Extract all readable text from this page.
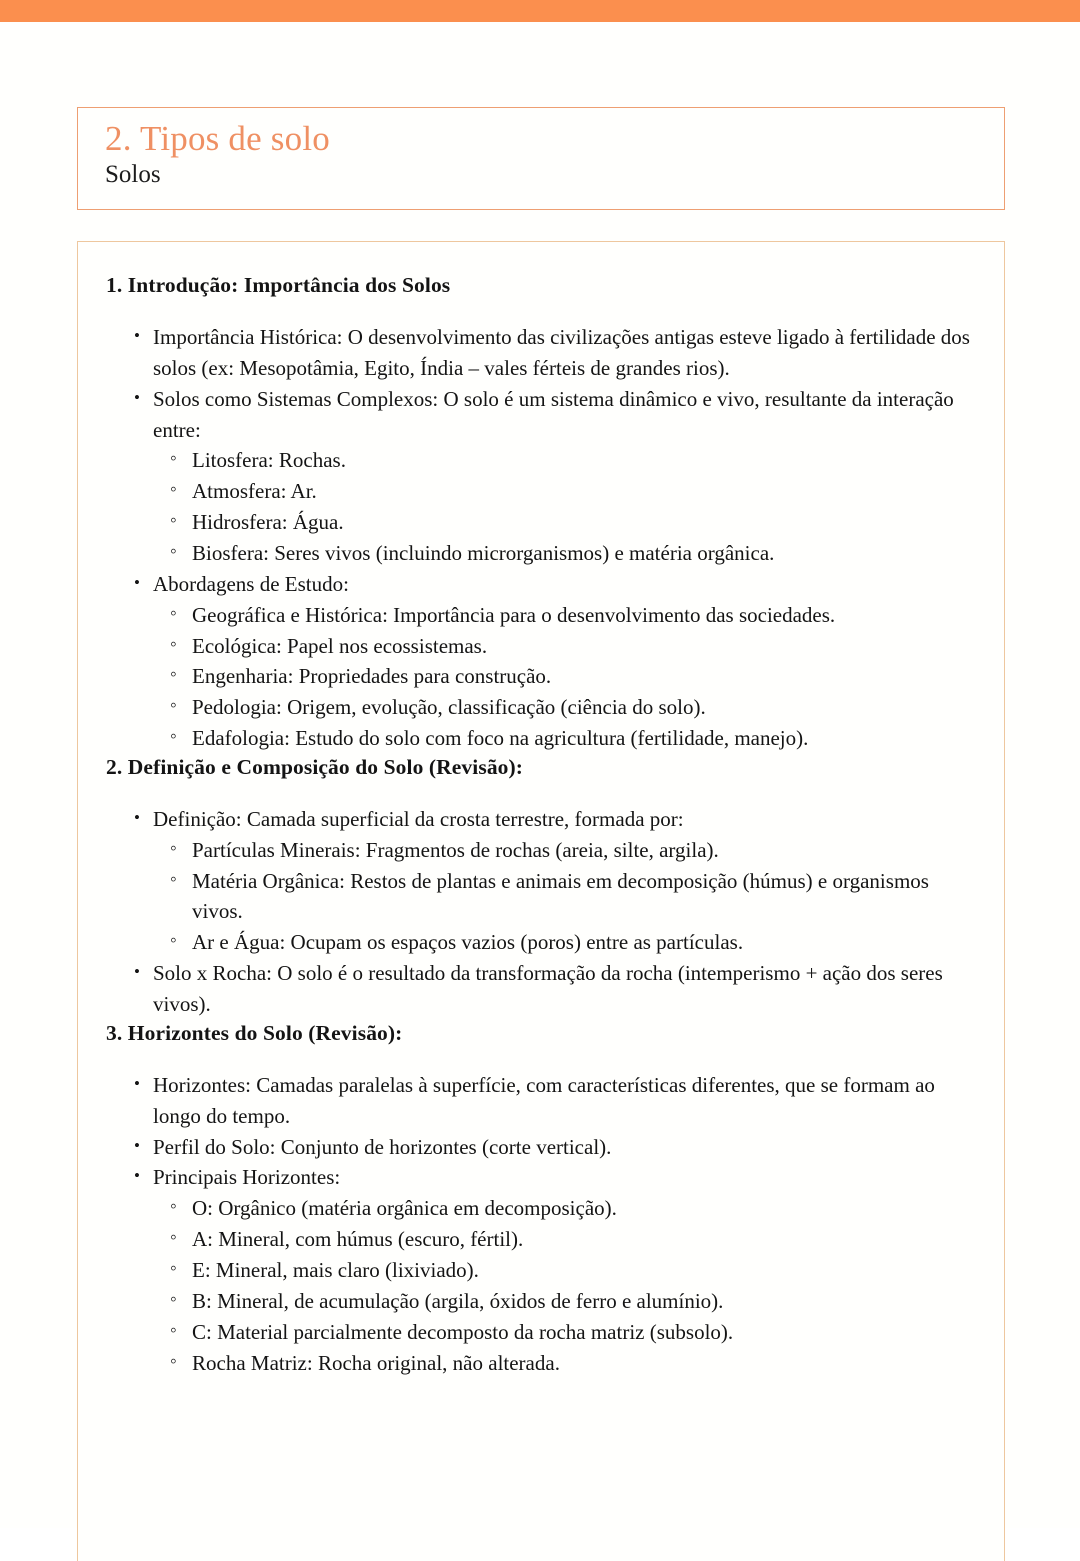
2. Tipos de solo
Solos
1. Introdução: Importância dos Solos
• Importância Histórica: O desenvolvimento das civilizações antigas esteve ligado à fertilidade dos solos (ex: Mesopotâmia, Egito, Índia – vales férteis de grandes rios).
• Solos como Sistemas Complexos: O solo é um sistema dinâmico e vivo, resultante da interação entre:
◦ Litosfera: Rochas.
◦ Atmosfera: Ar.
◦ Hidrosfera: Água.
◦ Biosfera: Seres vivos (incluindo microrganismos) e matéria orgânica.
• Abordagens de Estudo:
◦ Geográfica e Histórica: Importância para o desenvolvimento das sociedades.
◦ Ecológica: Papel nos ecossistemas.
◦ Engenharia: Propriedades para construção.
◦ Pedologia: Origem, evolução, classificação (ciência do solo).
◦ Edafologia: Estudo do solo com foco na agricultura (fertilidade, manejo).
2. Definição e Composição do Solo (Revisão):
• Definição: Camada superficial da crosta terrestre, formada por:
◦ Partículas Minerais: Fragmentos de rochas (areia, silte, argila).
◦ Matéria Orgânica: Restos de plantas e animais em decomposição (húmus) e organismos vivos.
◦ Ar e Água: Ocupam os espaços vazios (poros) entre as partículas.
• Solo x Rocha: O solo é o resultado da transformação da rocha (intemperismo + ação dos seres vivos).
3. Horizontes do Solo (Revisão):
• Horizontes: Camadas paralelas à superfície, com características diferentes, que se formam ao longo do tempo.
• Perfil do Solo: Conjunto de horizontes (corte vertical).
• Principais Horizontes:
◦ O: Orgânico (matéria orgânica em decomposição).
◦ A: Mineral, com húmus (escuro, fértil).
◦ E: Mineral, mais claro (lixiviado).
◦ B: Mineral, de acumulação (argila, óxidos de ferro e alumínio).
◦ C: Material parcialmente decomposto da rocha matriz (subsolo).
◦ Rocha Matriz: Rocha original, não alterada.
